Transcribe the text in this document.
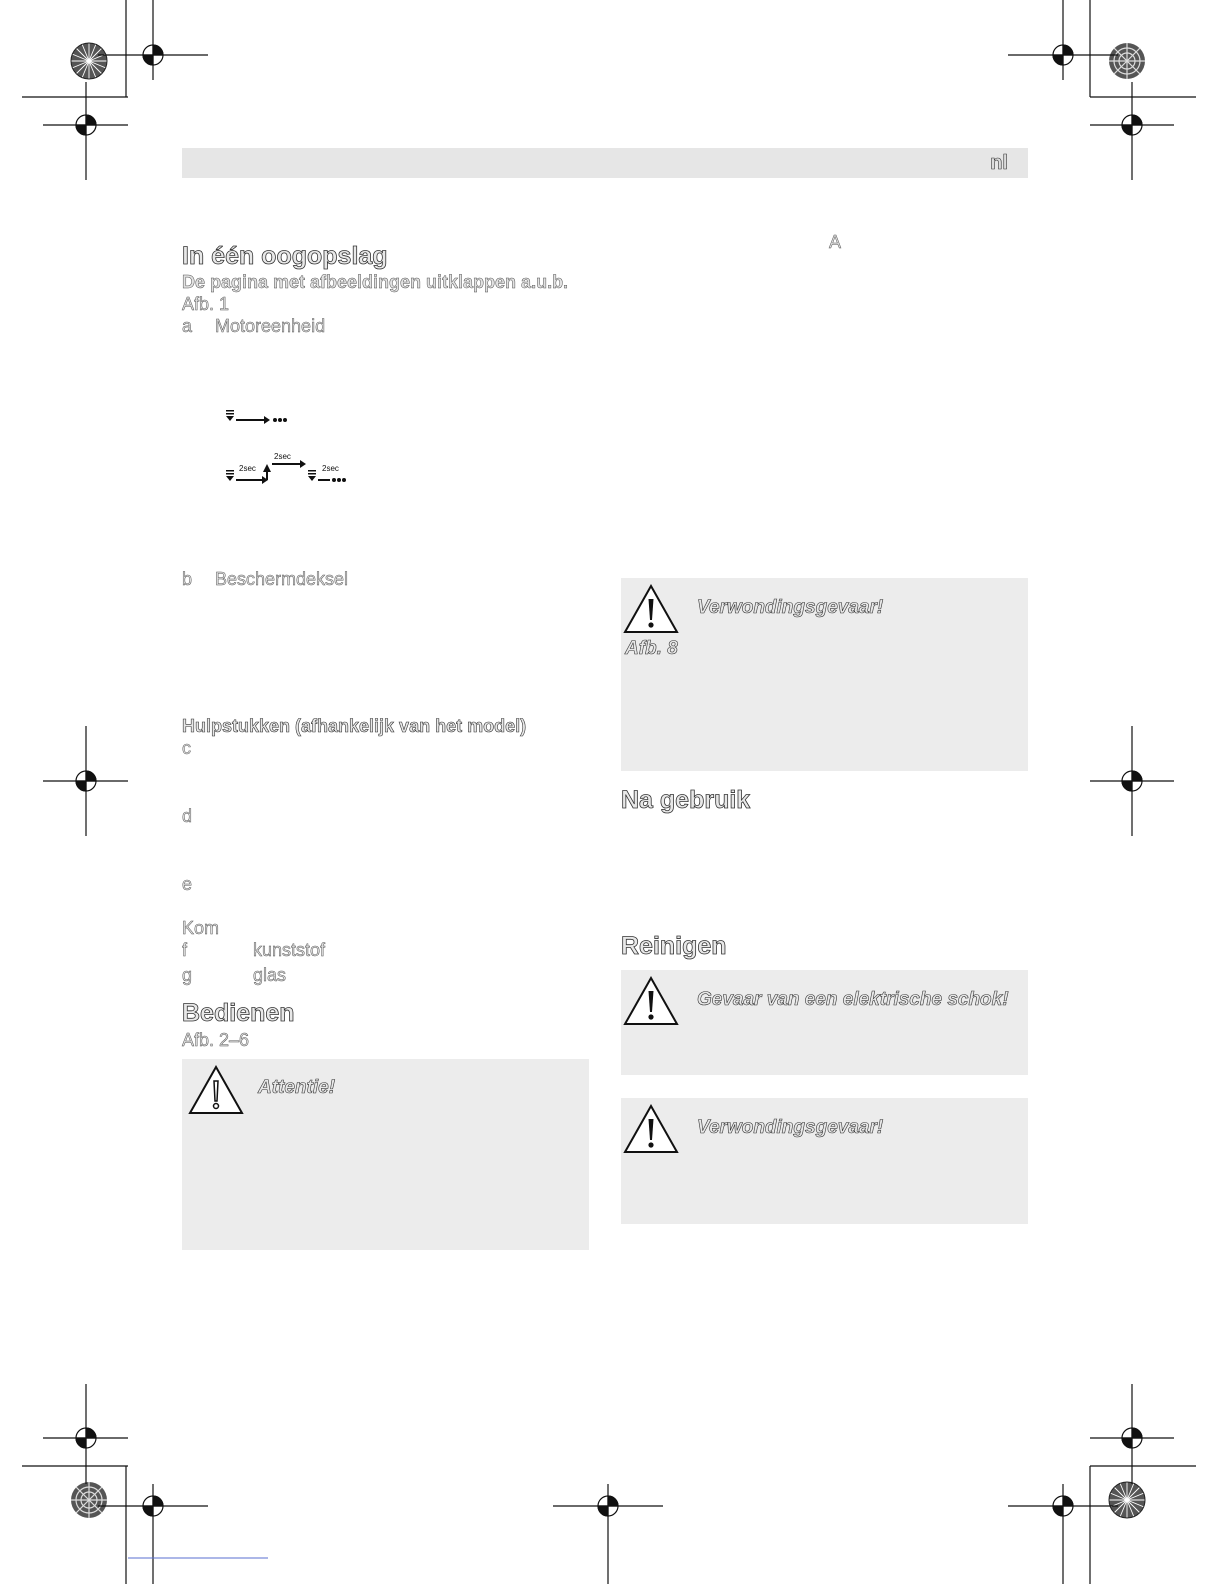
nl
In één oogopslag
De pagina met afbeeldingen uitklappen a.u.b.
Afb. 1
a Motoreenheid
2sec
2sec
2sec
b Beschermdeksel
Hulpstukken (afhankelijk van het model)
c
d
e
Kom
f	kunststof
g	glas
Bedienen
Afb. 2–6
Attentie!
A
Verwondingsgevaar!
Afb. 8
Na gebruik
Reinigen
Gevaar van een elektrische schok!
Verwondingsgevaar!
